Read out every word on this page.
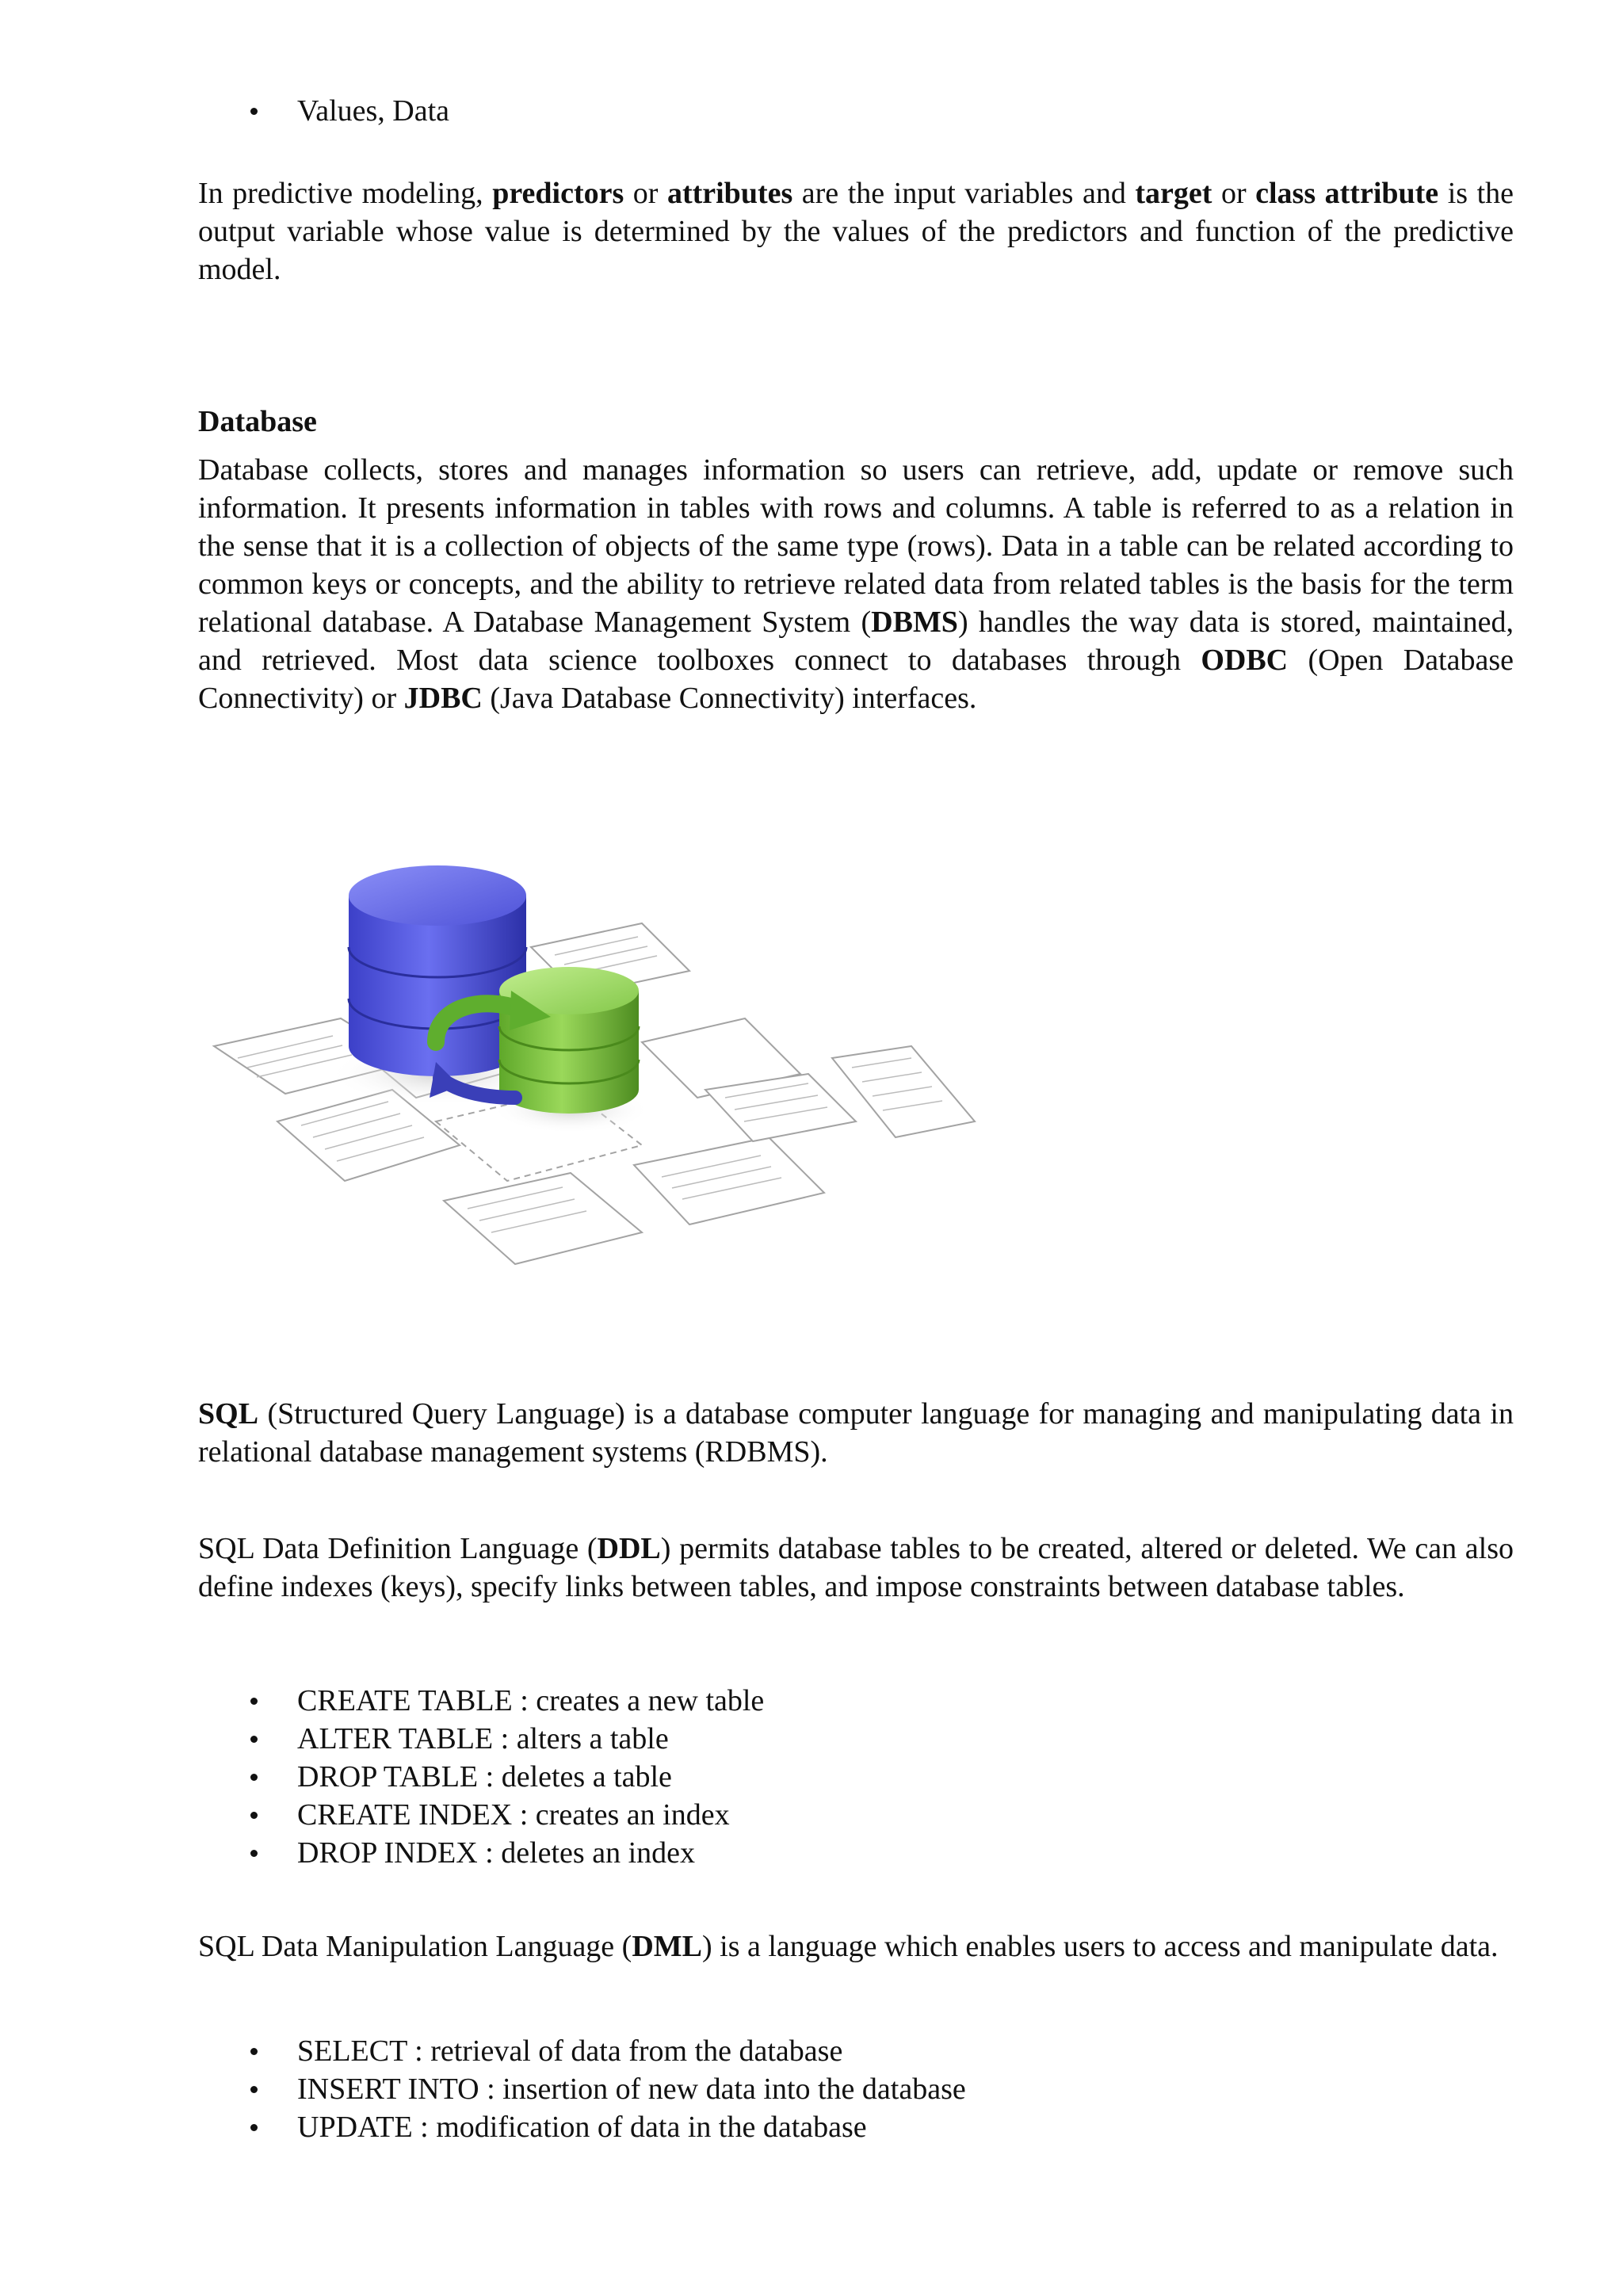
Values, Data

In predictive modeling, predictors or attributes are the input variables and target or class attribute is the output variable whose value is determined by the values of the predictors and function of the predictive model.

Database

Database collects, stores and manages information so users can retrieve, add, update or remove such information. It presents information in tables with rows and columns. A table is referred to as a relation in the sense that it is a collection of objects of the same type (rows). Data in a table can be related according to common keys or concepts, and the ability to retrieve related data from related tables is the basis for the term relational database. A Database Management System (DBMS) handles the way data is stored, maintained, and retrieved. Most data science toolboxes connect to databases through ODBC (Open Database Connectivity) or JDBC (Java Database Connectivity) interfaces.

SQL (Structured Query Language) is a database computer language for managing and manipulating data in relational database management systems (RDBMS).

SQL Data Definition Language (DDL) permits database tables to be created, altered or deleted. We can also define indexes (keys), specify links between tables, and impose constraints between database tables.

CREATE TABLE : creates a new table
ALTER TABLE : alters a table
DROP TABLE : deletes a table
CREATE INDEX : creates an index
DROP INDEX : deletes an index

SQL Data Manipulation Language (DML) is a language which enables users to access and manipulate data.

SELECT : retrieval of data from the database
INSERT INTO : insertion of new data into the database
UPDATE : modification of data in the database
